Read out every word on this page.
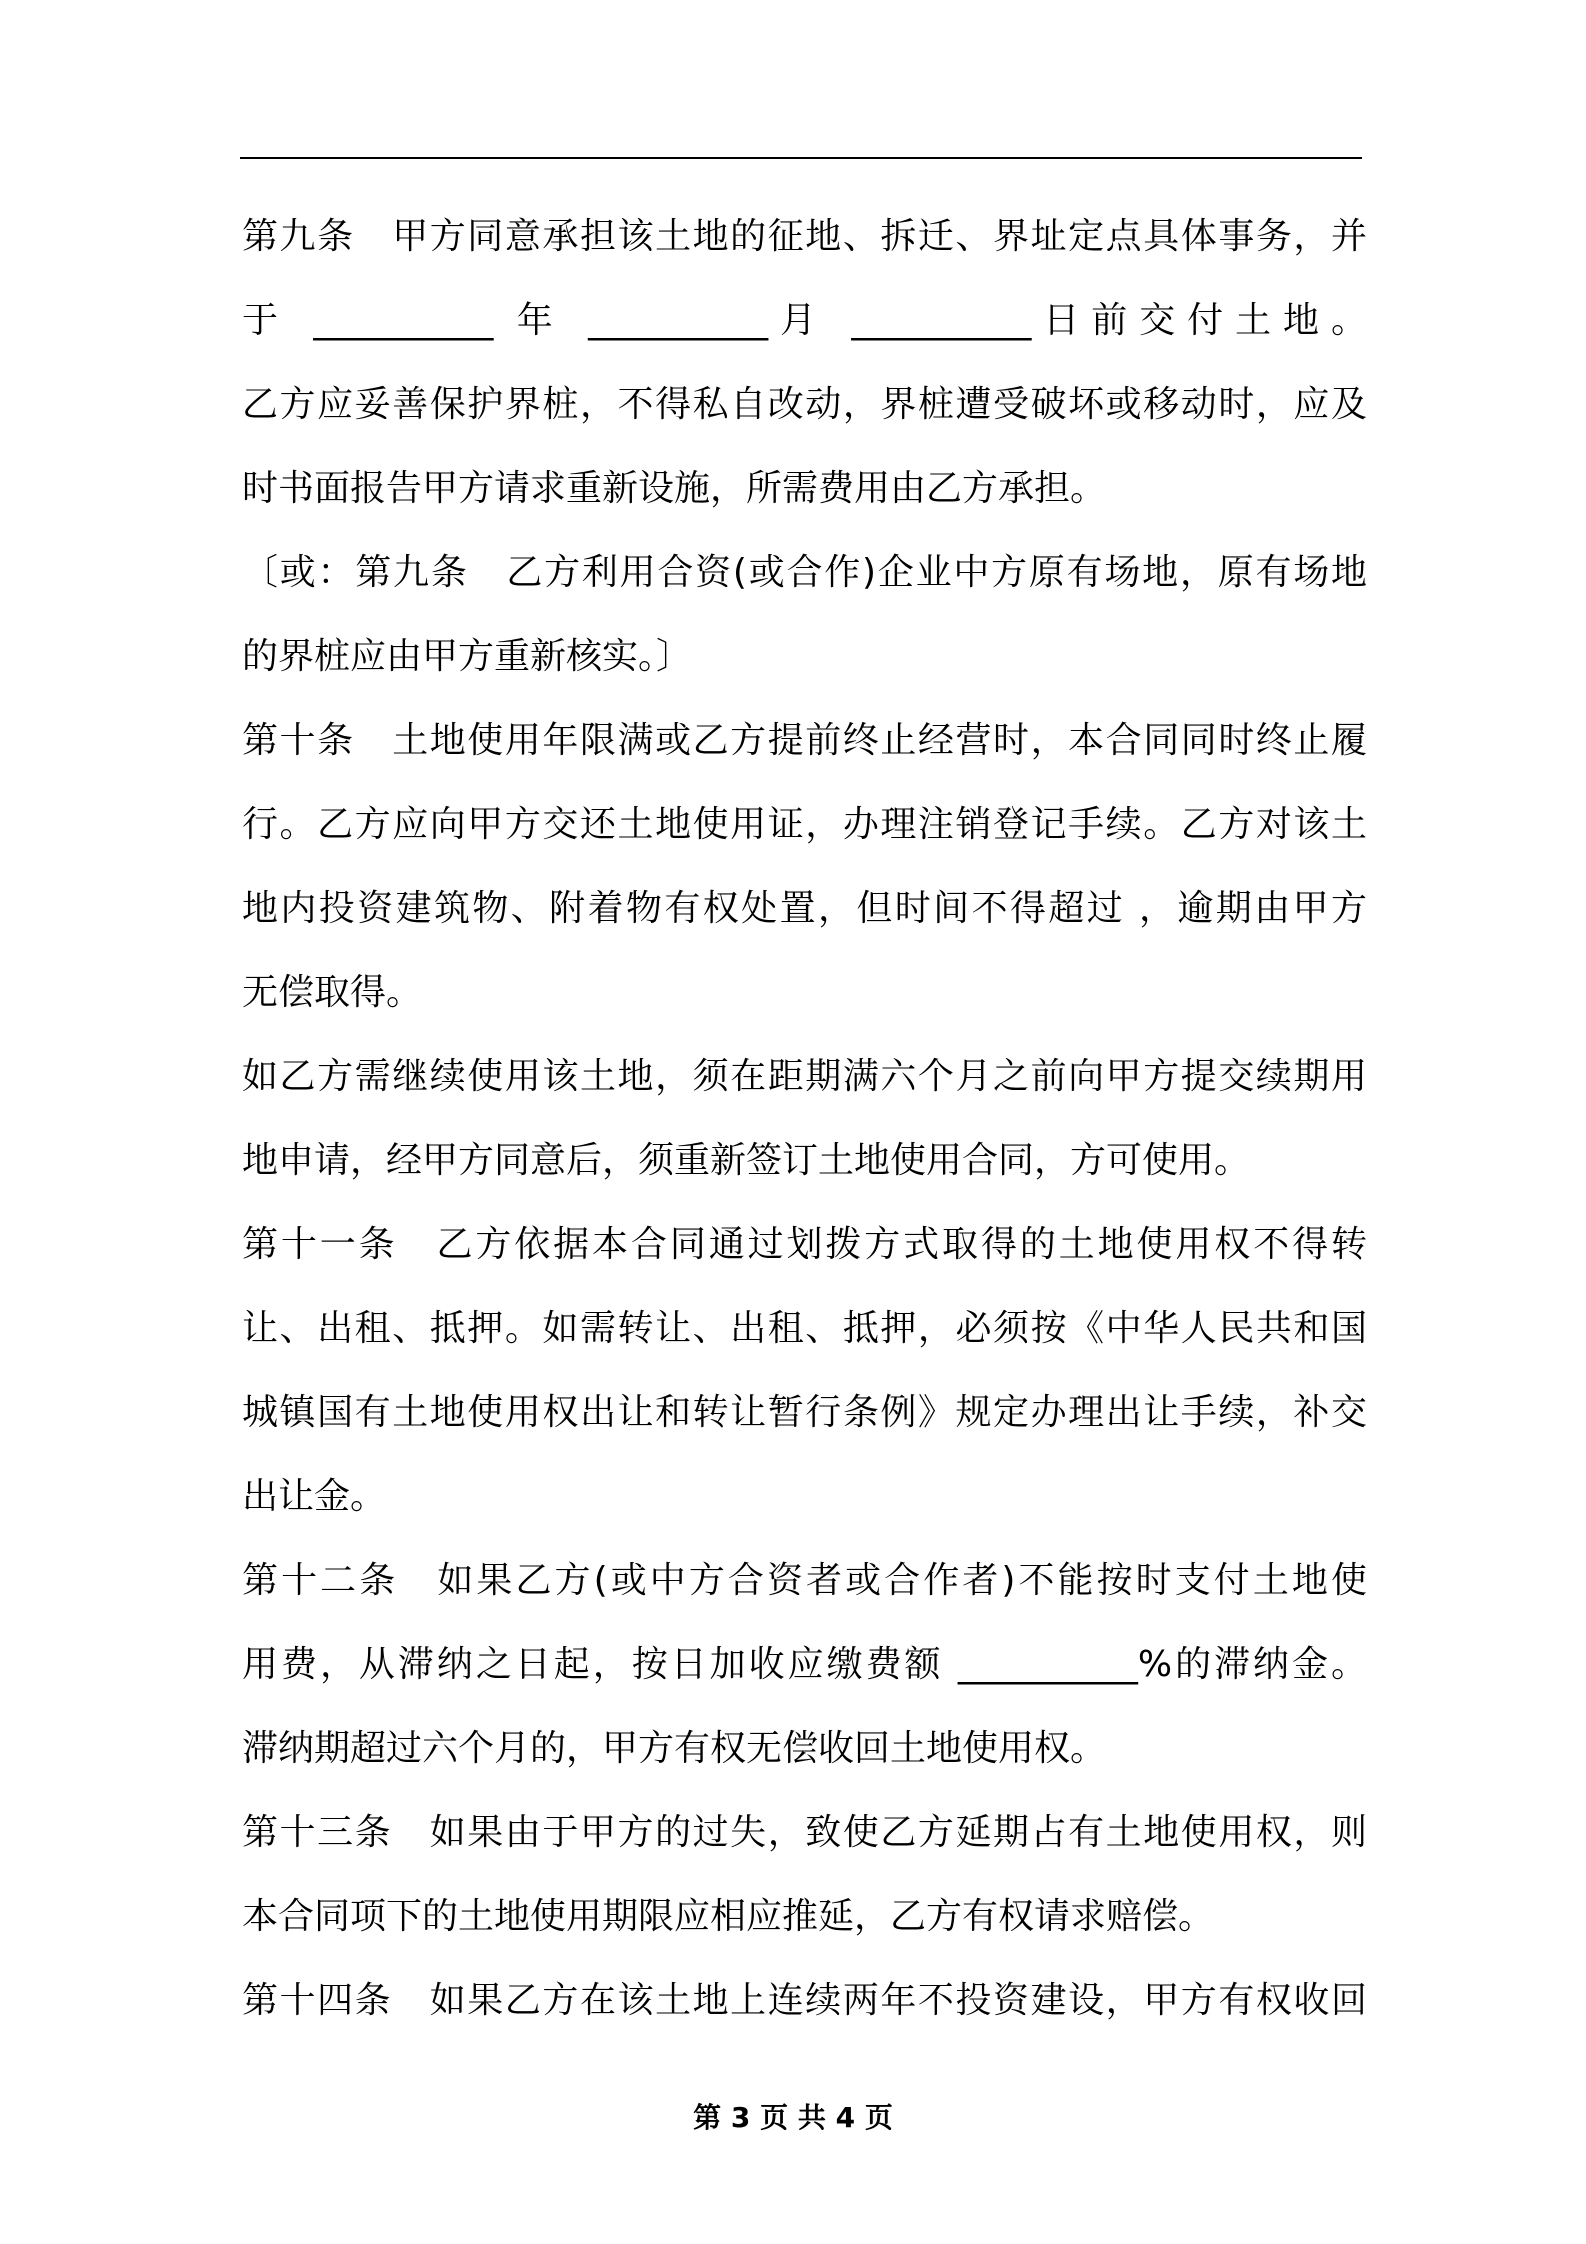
第九条　甲方同意承担该土地的征地、拆迁、界址定点具体事务，并
于 __________ 年 __________月 __________日前交付土地。
乙方应妥善保护界桩，不得私自改动，界桩遭受破坏或移动时，应及
时书面报告甲方请求重新设施，所需费用由乙方承担。
〔或：第九条　乙方利用合资(或合作)企业中方原有场地，原有场地
的界桩应由甲方重新核实。〕
第十条　土地使用年限满或乙方提前终止经营时，本合同同时终止履
行。乙方应向甲方交还土地使用证，办理注销登记手续。乙方对该土
地内投资建筑物、附着物有权处置，但时间不得超过 ，逾期由甲方
无偿取得。
如乙方需继续使用该土地，须在距期满六个月之前向甲方提交续期用
地申请，经甲方同意后，须重新签订土地使用合同，方可使用。
第十一条　乙方依据本合同通过划拨方式取得的土地使用权不得转
让、出租、抵押。如需转让、出租、抵押，必须按《中华人民共和国
城镇国有土地使用权出让和转让暂行条例》规定办理出让手续，补交
出让金。
第十二条　如果乙方(或中方合资者或合作者)不能按时支付土地使
用费，从滞纳之日起，按日加收应缴费额 __________%的滞纳金。
滞纳期超过六个月的，甲方有权无偿收回土地使用权。
第十三条　如果由于甲方的过失，致使乙方延期占有土地使用权，则
本合同项下的土地使用期限应相应推延，乙方有权请求赔偿。
第十四条　如果乙方在该土地上连续两年不投资建设，甲方有权收回
第 3 页 共 4 页
